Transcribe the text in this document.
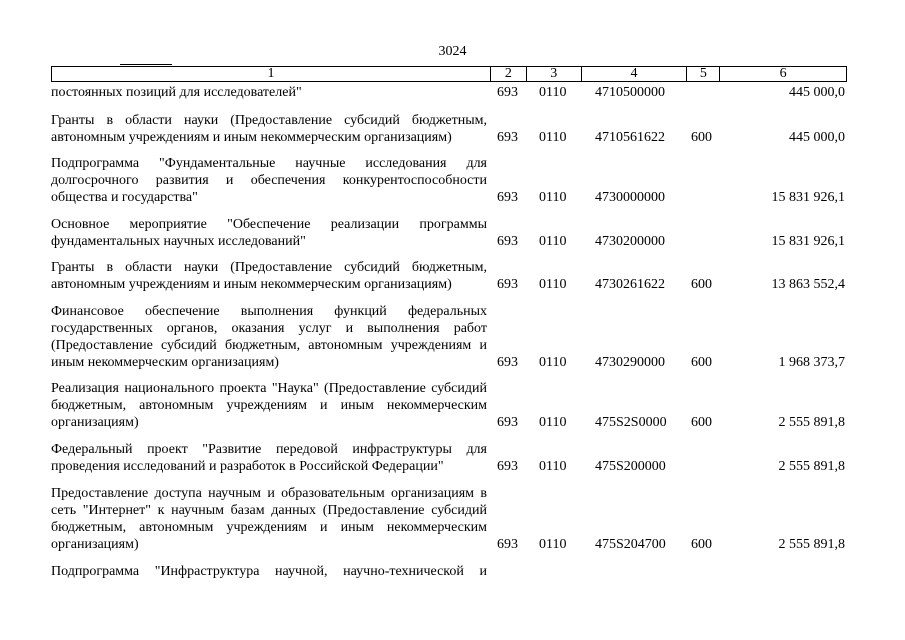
3024
1	2	3	4	5	6
постоянных позиций для исследователей"	693 0110 4710500000	445 000,0
Гранты в области науки (Предоставление субсидий бюджетным, автономным учреждениям и иным некоммерческим организациям)	693 0110 4710561622 600	445 000,0
Подпрограмма "Фундаментальные научные исследования для долгосрочного развития и обеспечения конкурентоспособности общества и государства"	693 0110 4730000000	15 831 926,1
Основное мероприятие "Обеспечение реализации программы фундаментальных научных исследований"	693 0110 4730200000	15 831 926,1
Гранты в области науки (Предоставление субсидий бюджетным, автономным учреждениям и иным некоммерческим организациям)	693 0110 4730261622 600	13 863 552,4
Финансовое обеспечение выполнения функций федеральных государственных органов, оказания услуг и выполнения работ (Предоставление субсидий бюджетным, автономным учреждениям и иным некоммерческим организациям)	693 0110 4730290000 600	1 968 373,7
Реализация национального проекта "Наука" (Предоставление субсидий бюджетным, автономным учреждениям и иным некоммерческим организациям)	693 0110 475S2S0000 600	2 555 891,8
Федеральный проект "Развитие передовой инфраструктуры для проведения исследований и разработок в Российской Федерации"	693 0110 475S200000	2 555 891,8
Предоставление доступа научным и образовательным организациям в сеть "Интернет" к научным базам данных (Предоставление субсидий бюджетным, автономным учреждениям и иным некоммерческим организациям)	693 0110 475S204700 600	2 555 891,8
Подпрограмма "Инфраструктура научной, научно-технической и
